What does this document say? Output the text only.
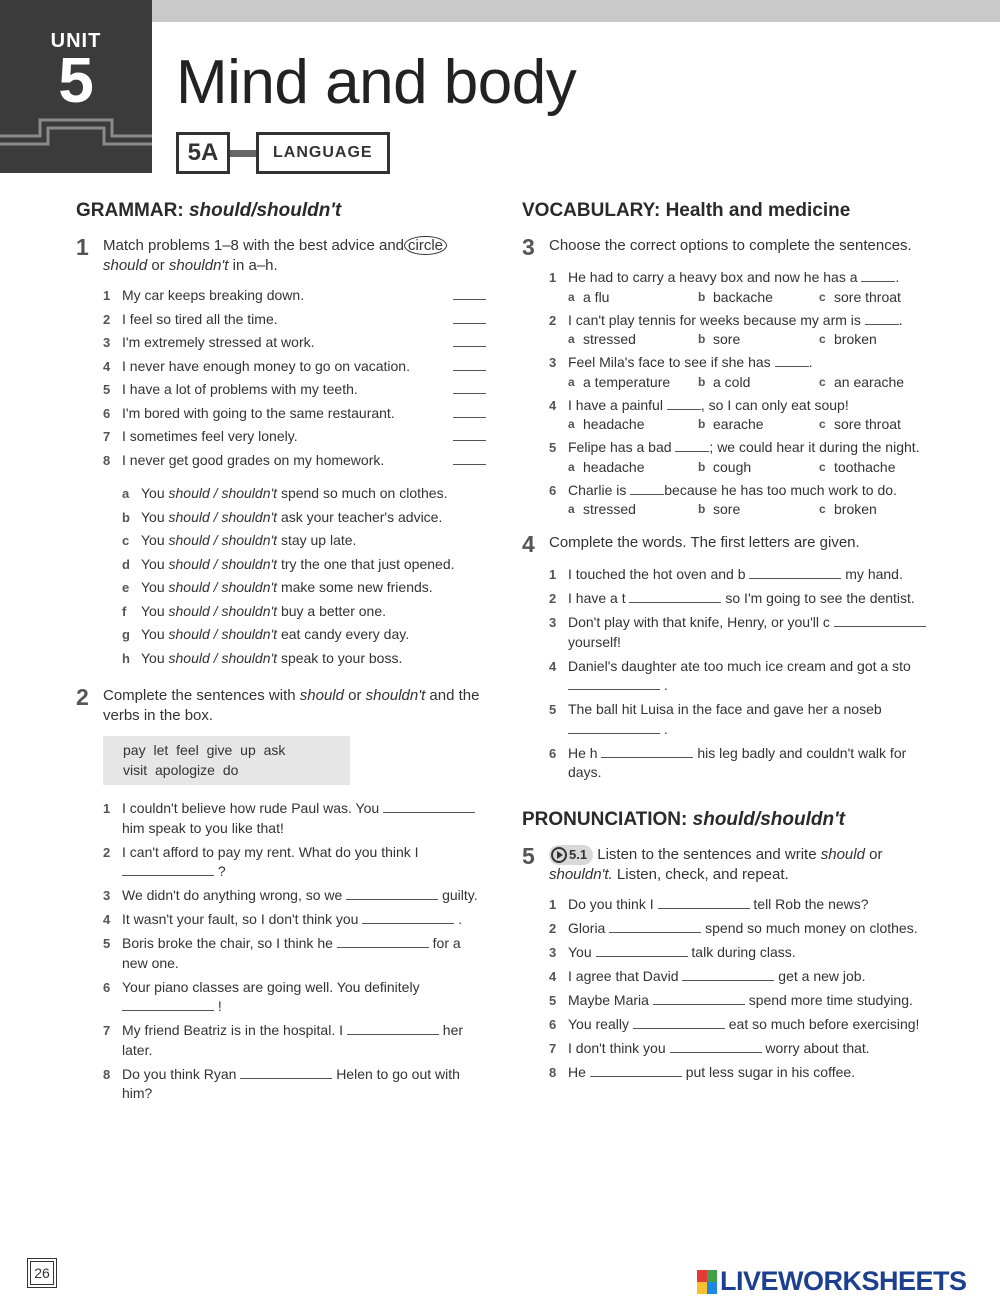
UNIT
5	Mind and body
5A	LANGUAGE
GRAMMAR: should/shouldn't
1 Match problems 1–8 with the best advice and circle should or shouldn't in a–h.
1 My car keeps breaking down.
2 I feel so tired all the time.
3 I'm extremely stressed at work.
4 I never have enough money to go on vacation.
5 I have a lot of problems with my teeth.
6 I'm bored with going to the same restaurant.
7 I sometimes feel very lonely.
8 I never get good grades on my homework.
a You should / shouldn't spend so much on clothes.
b You should / shouldn't ask your teacher's advice.
c You should / shouldn't stay up late.
d You should / shouldn't try the one that just opened.
e You should / shouldn't make some new friends.
f	You should / shouldn't buy a better one.
g You should / shouldn't eat candy every day.
h You should / shouldn't speak to your boss.
2 Complete the sentences with should or shouldn't and the verbs in the box.
pay let feel give up ask
visit apologize do
1 I couldn't believe how rude Paul was. You  him speak to you like that!
2 I can't afford to pay my rent. What do you think I  ?
3 We didn't do anything wrong, so we	guilty.
4 It wasn't your fault, so I don't think you	.
5 Boris broke the chair, so I think he	for a new one.
6 Your piano classes are going well. You definitely  !
7 My friend Beatriz is in the hospital. I	her later.
8 Do you think Ryan	Helen to go out with him?
VOCABULARY: Health and medicine
3 Choose the correct options to complete the sentences.
1 He had to carry a heavy box and now he has a	.
a a flu	b backache	c sore throat
2 I can't play tennis for weeks because my arm is	.
a stressed	b sore	c broken
3 Feel Mila's face to see if she has	.
a a temperature b a cold	c an earache
4 I have a painful	, so I can only eat soup!
a headache	b earache	c sore throat
5 Felipe has a bad	; we could hear it during the night.
a headache	b cough	c toothache
6 Charlie is	because he has too much work to do.
a stressed	b sore	c broken
4 Complete the words. The first letters are given.
1 I touched the hot oven and b	my hand.
2 I have a t	so I'm going to see the dentist.
3 Don't play with that knife, Henry, or you'll c  yourself!
4 Daniel's daughter ate too much ice cream and got a sto  .
5 The ball hit Luisa in the face and gave her a noseb  .
6 He h	his leg badly and couldn't walk for days.
PRONUNCIATION: should/shouldn't
5	5.1 Listen to the sentences and write should or shouldn't. Listen, check, and repeat.
1 Do you think I	tell Rob the news?
2 Gloria	spend so much money on clothes.
3 You	talk during class.
4 I agree that David	get a new job.
5 Maybe Maria	spend more time studying.
6 You really	eat so much before exercising!
7 I don't think you	worry about that.
8 He	put less sugar in his coffee.
26	LIVEWORKSHEETS
